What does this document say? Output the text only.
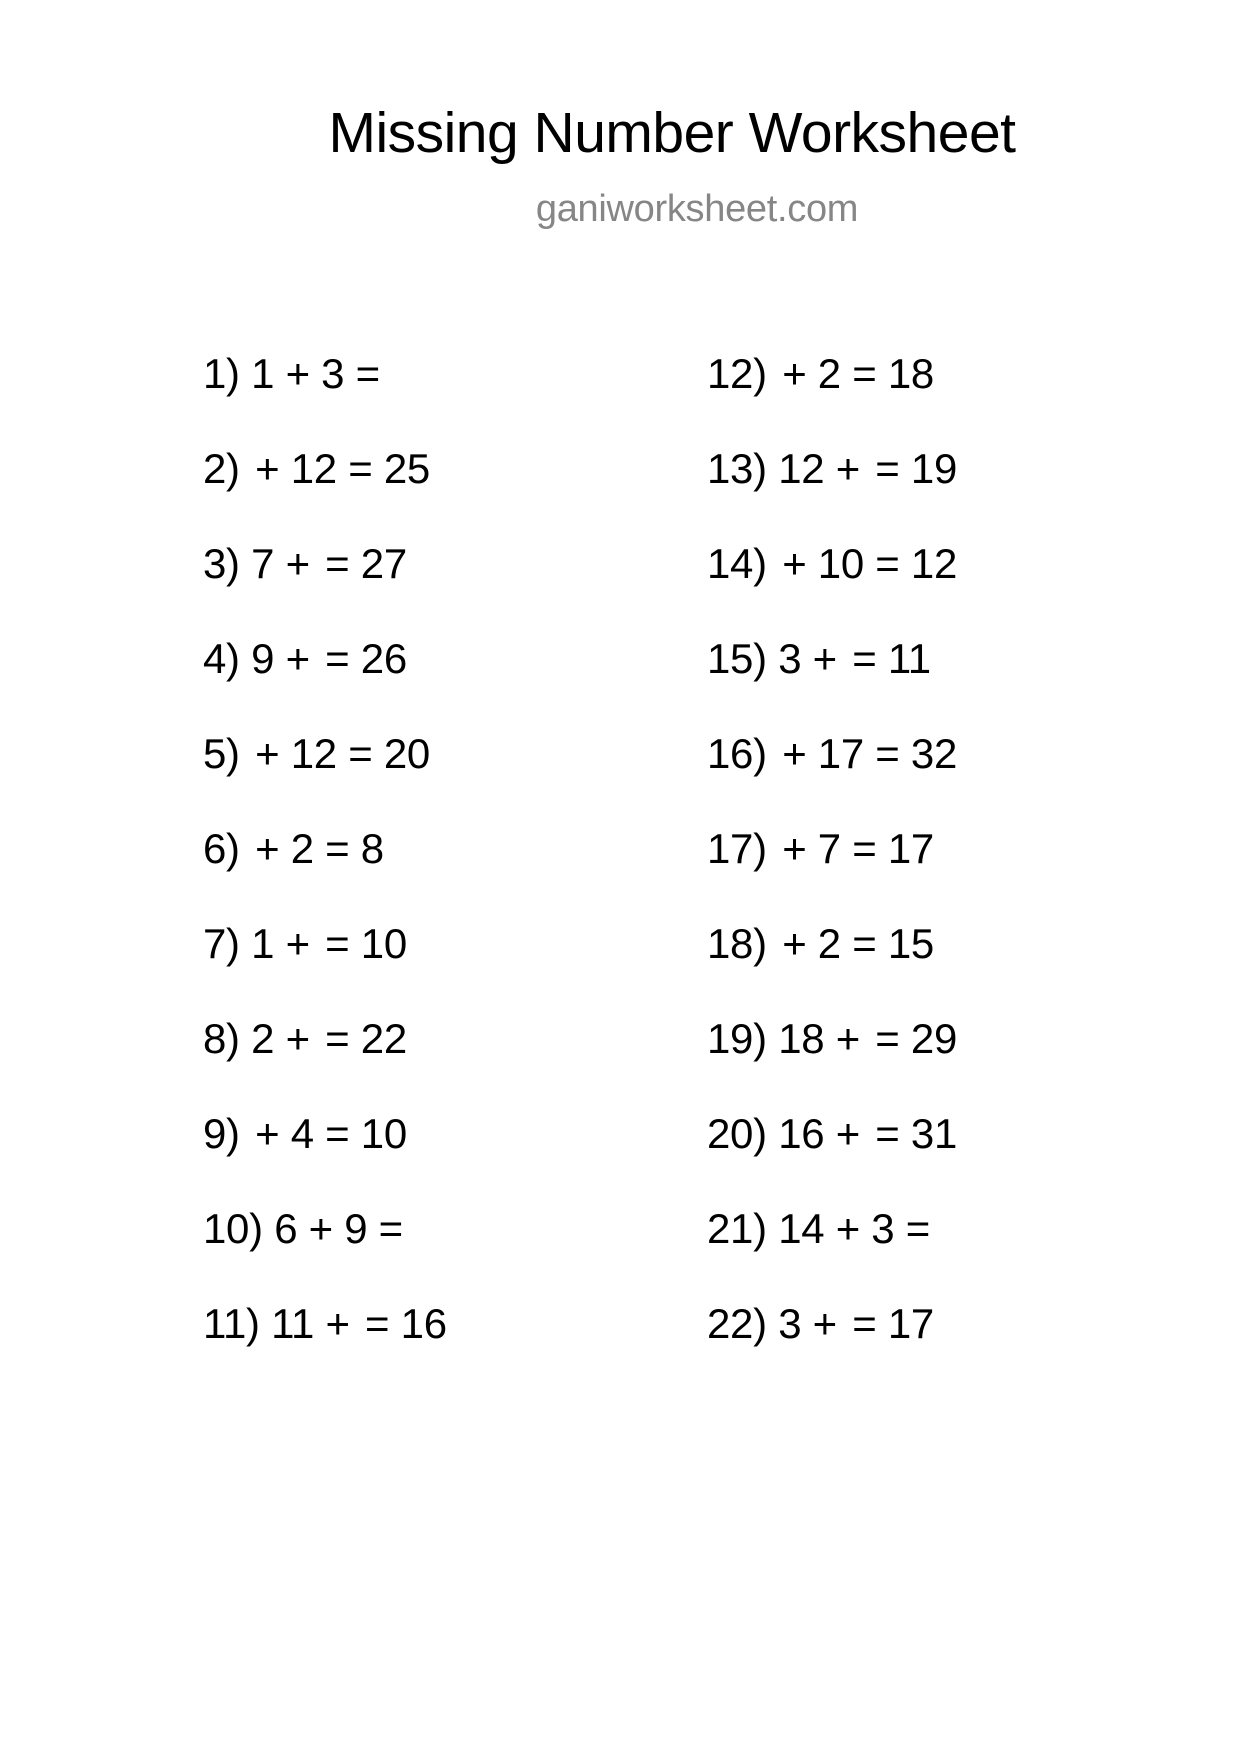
Missing Number Worksheet
ganiworksheet.com
1) 1 + 3 =
2) + 12 = 25
3) 7 + = 27
4) 9 + = 26
5) + 12 = 20
6) + 2 = 8
7) 1 + = 10
8) 2 + = 22
9) + 4 = 10
10) 6 + 9 =
11) 11 + = 16
12) + 2 = 18
13) 12 + = 19
14) + 10 = 12
15) 3 + = 11
16) + 17 = 32
17) + 7 = 17
18) + 2 = 15
19) 18 + = 29
20) 16 + = 31
21) 14 + 3 =
22) 3 + = 17
